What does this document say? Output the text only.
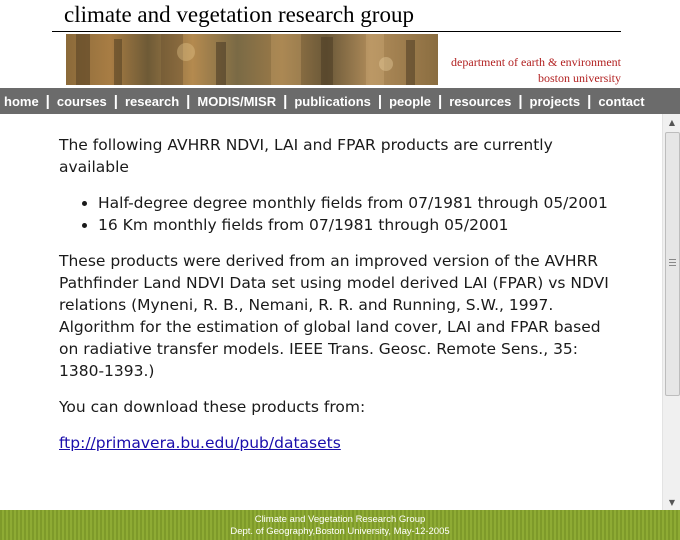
climate and vegetation research group
department of earth & environment
boston university
home | courses | research | MODIS/MISR | publications | people | resources | projects | contact

The following AVHRR NDVI, LAI and FPAR products are currently available

• Half-degree degree monthly fields from 07/1981 through 05/2001
• 16 Km monthly fields from 07/1981 through 05/2001

These products were derived from an improved version of the AVHRR Pathfinder Land NDVI Data set using model derived LAI (FPAR) vs NDVI relations (Myneni, R. B., Nemani, R. R. and Running, S.W., 1997. Algorithm for the estimation of global land cover, LAI and FPAR based on radiative transfer models. IEEE Trans. Geosc. Remote Sens., 35: 1380-1393.)

You can download these products from:

ftp://primavera.bu.edu/pub/datasets

▲
▼
Climate and Vegetation Research Group
Dept. of Geography,Boston University, May-12-2005
